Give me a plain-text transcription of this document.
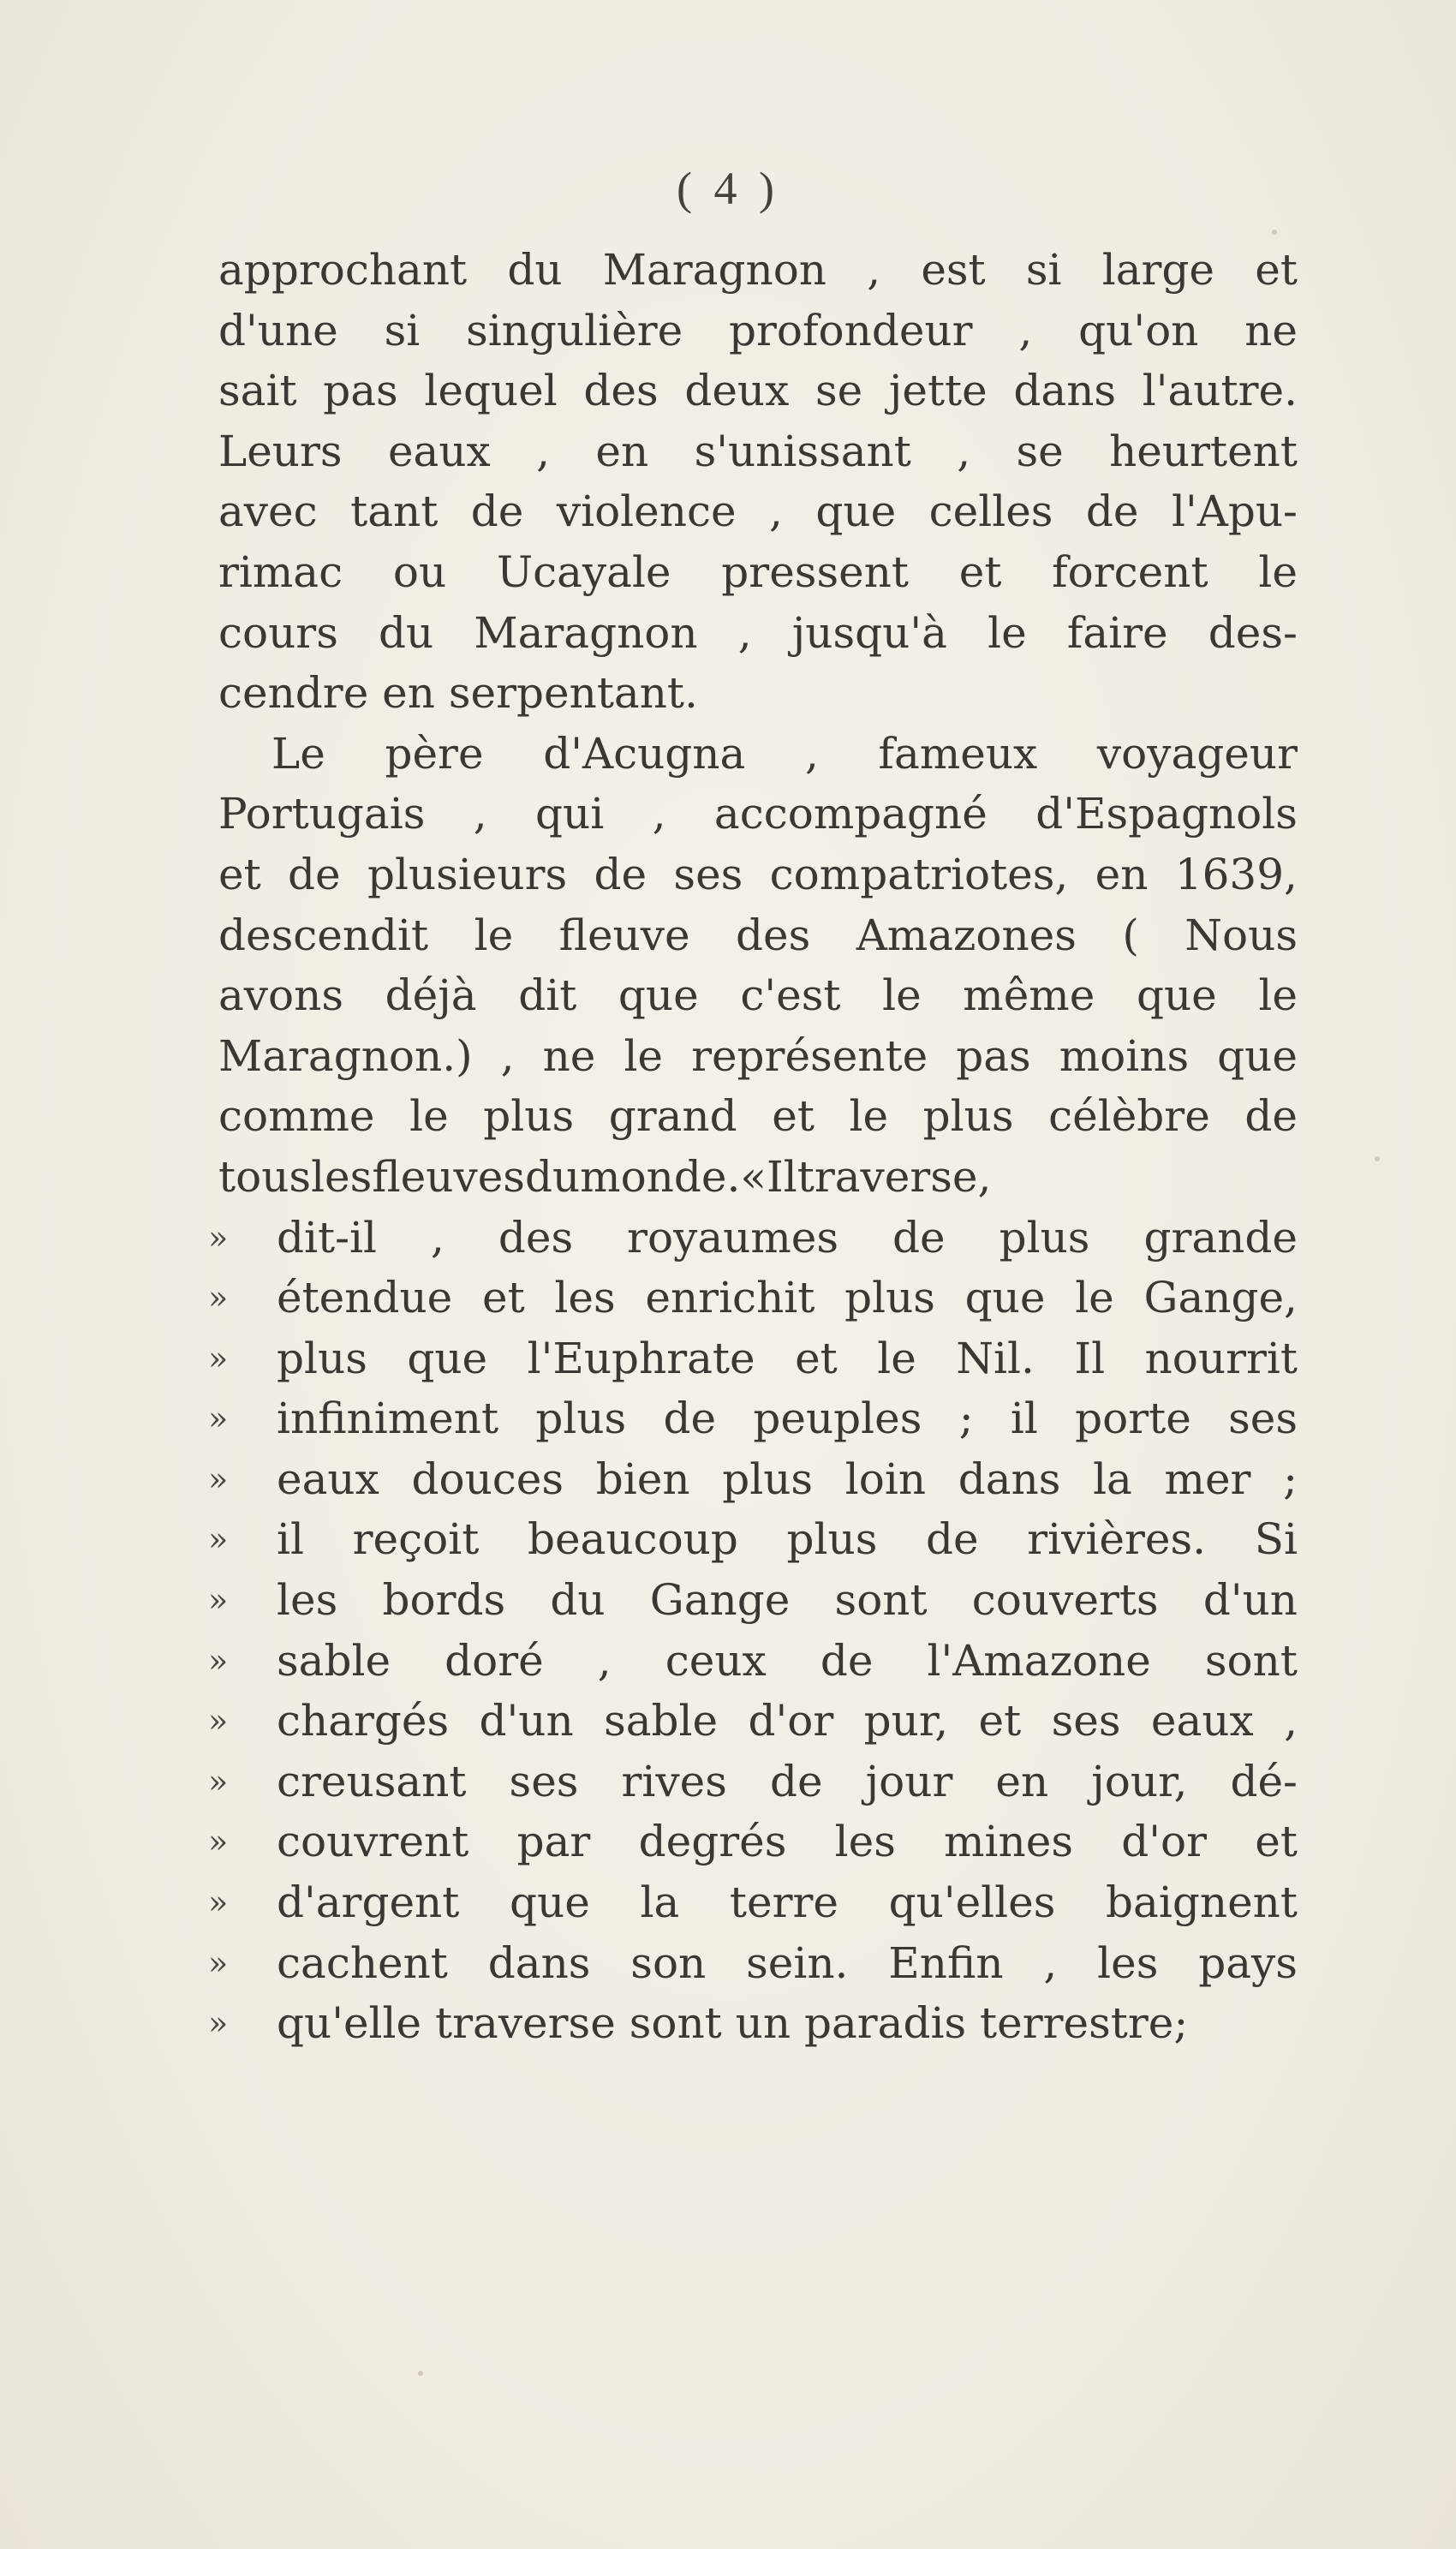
( 4 )
approchant du Maragnon , est si large et
d'une si singulière profondeur , qu'on ne
sait pas lequel des deux se jette dans l'autre.
Leurs eaux , en s'unissant , se heurtent
avec tant de violence , que celles de l'Apu-
rimac ou Ucayale pressent et forcent le
cours du Maragnon , jusqu'à le faire des-
cendre en serpentant.
Le père d'Acugna , fameux voyageur
Portugais , qui , accompagné d'Espagnols
et de plusieurs de ses compatriotes, en 1639,
descendit le fleuve des Amazones ( Nous
avons déjà dit que c'est le même que le
Maragnon.) , ne le représente pas moins que
comme le plus grand et le plus célèbre de
tous les fleuves du monde. « Il traverse ,
» dit-il , des royaumes de plus grande
» étendue et les enrichit plus que le Gange,
» plus que l'Euphrate et le Nil. Il nourrit
» infiniment plus de peuples ; il porte ses
» eaux douces bien plus loin dans la mer ;
» il reçoit beaucoup plus de rivières. Si
» les bords du Gange sont couverts d'un
» sable doré , ceux de l'Amazone sont
» chargés d'un sable d'or pur, et ses eaux ,
» creusant ses rives de jour en jour, dé-
» couvrent par degrés les mines d'or et
» d'argent que la terre qu'elles baignent
» cachent dans son sein. Enfin , les pays
»	qu'elle traverse sont un paradis terrestre;
